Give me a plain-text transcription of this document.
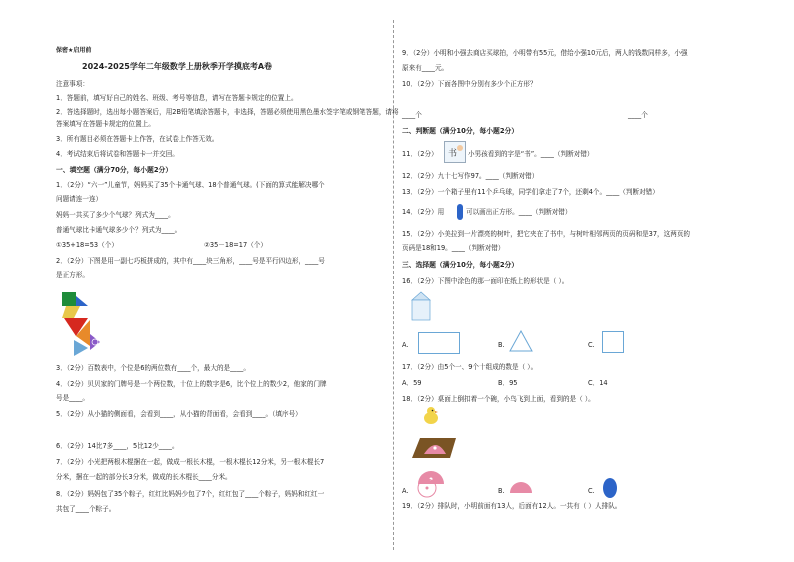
保密★启用前
2024-2025学年二年级数学上册秋季开学摸底考A卷
注意事项：
1．答题前，填写好自己的姓名、班级、考号等信息，请写在答题卡规定的位置上。
2．答选择题时，选出每小题答案后，用2B铅笔填涂答题卡，非选择，答题必须使用黑色墨水签字笔或钢笔答题，请将
答案填写在答题卡规定的位置上。
3．所有题目必须在答题卡上作答，在试卷上作答无效。
4．考试结束后将试卷和答题卡一并交回。
一、填空题（满分70分，每小题2分）
1．（2分）“六一”儿童节，妈妈买了35个卡通气球、18个普通气球。(下面的算式能解决哪个
问题请连一连）
妈妈一共买了多少个气球？列式为____。
普通气球比卡通气球多少个？列式为____。
①35+18=53（个）	②35－18=17（个）
2．（2分）下图是用一副七巧板拼成的，其中有____块三角形，____号是平行四边形，____号
是正方形。
3．（2分）百数表中，个位是6的两位数有____个，最大的是____。
4．（2分）贝贝家的门牌号是一个两位数，十位上的数字是6，比个位上的数少2，他家的门牌
号是____。
5．（2分）从小猫的侧面看，会看到____，从小猫的背面看，会看到____。（填序号）
6．（2分）14比7多____，5比12少____。
7．（2分）小光把两根木棍捆在一起，做成一根长木棍，一根木棍长12分米，另一根木棍长7
分米，捆在一起的部分长3分米，做成的长木棍长____分米。
8．（2分）妈妈包了35个粽子，红红比妈妈少包了7个，红红包了____个粽子，妈妈和红红一
共包了____个粽子。
9．（2分）小明和小强去商店买球拍，小明带有55元，借给小强10元后，两人的钱数同样多，小强
原来有____元。
10．（2分）下面各图中分别有多少个正方形？
____个	____个
二、判断题（满分10分，每小题2分）
11．（2分） 书 小男孩看到的字是“书”。____（判断对错）
12．（2分）九十七写作97。____（判断对错）
13．（2分）一个箱子里有11个乒乓球，同学们拿走了7个，还剩4个。____（判断对错）
14．（2分）用	可以画出正方形。____（判断对错）
15．（2分）小美拉到一片漂亮的树叶，把它夹在了书中，与树叶相邻两页的页码和是37，这两页的
页码是18和19。____（判断对错）
三、选择题（满分10分，每小题2分）
16．（2分）下图中涂色的那一面印在纸上的形状是（ ）。
A.	B.	C.
17．（2分）由5个一、9个十组成的数是（ ）。
A．59	B．95	C．14
18．（2分）桌面上倒扣着一个碗，小鸟飞到上面，看到的是（ ）。
A.	B.	C.
19．（2分）排队时，小明前面有13人，后面有12人。一共有（ ）人排队。
